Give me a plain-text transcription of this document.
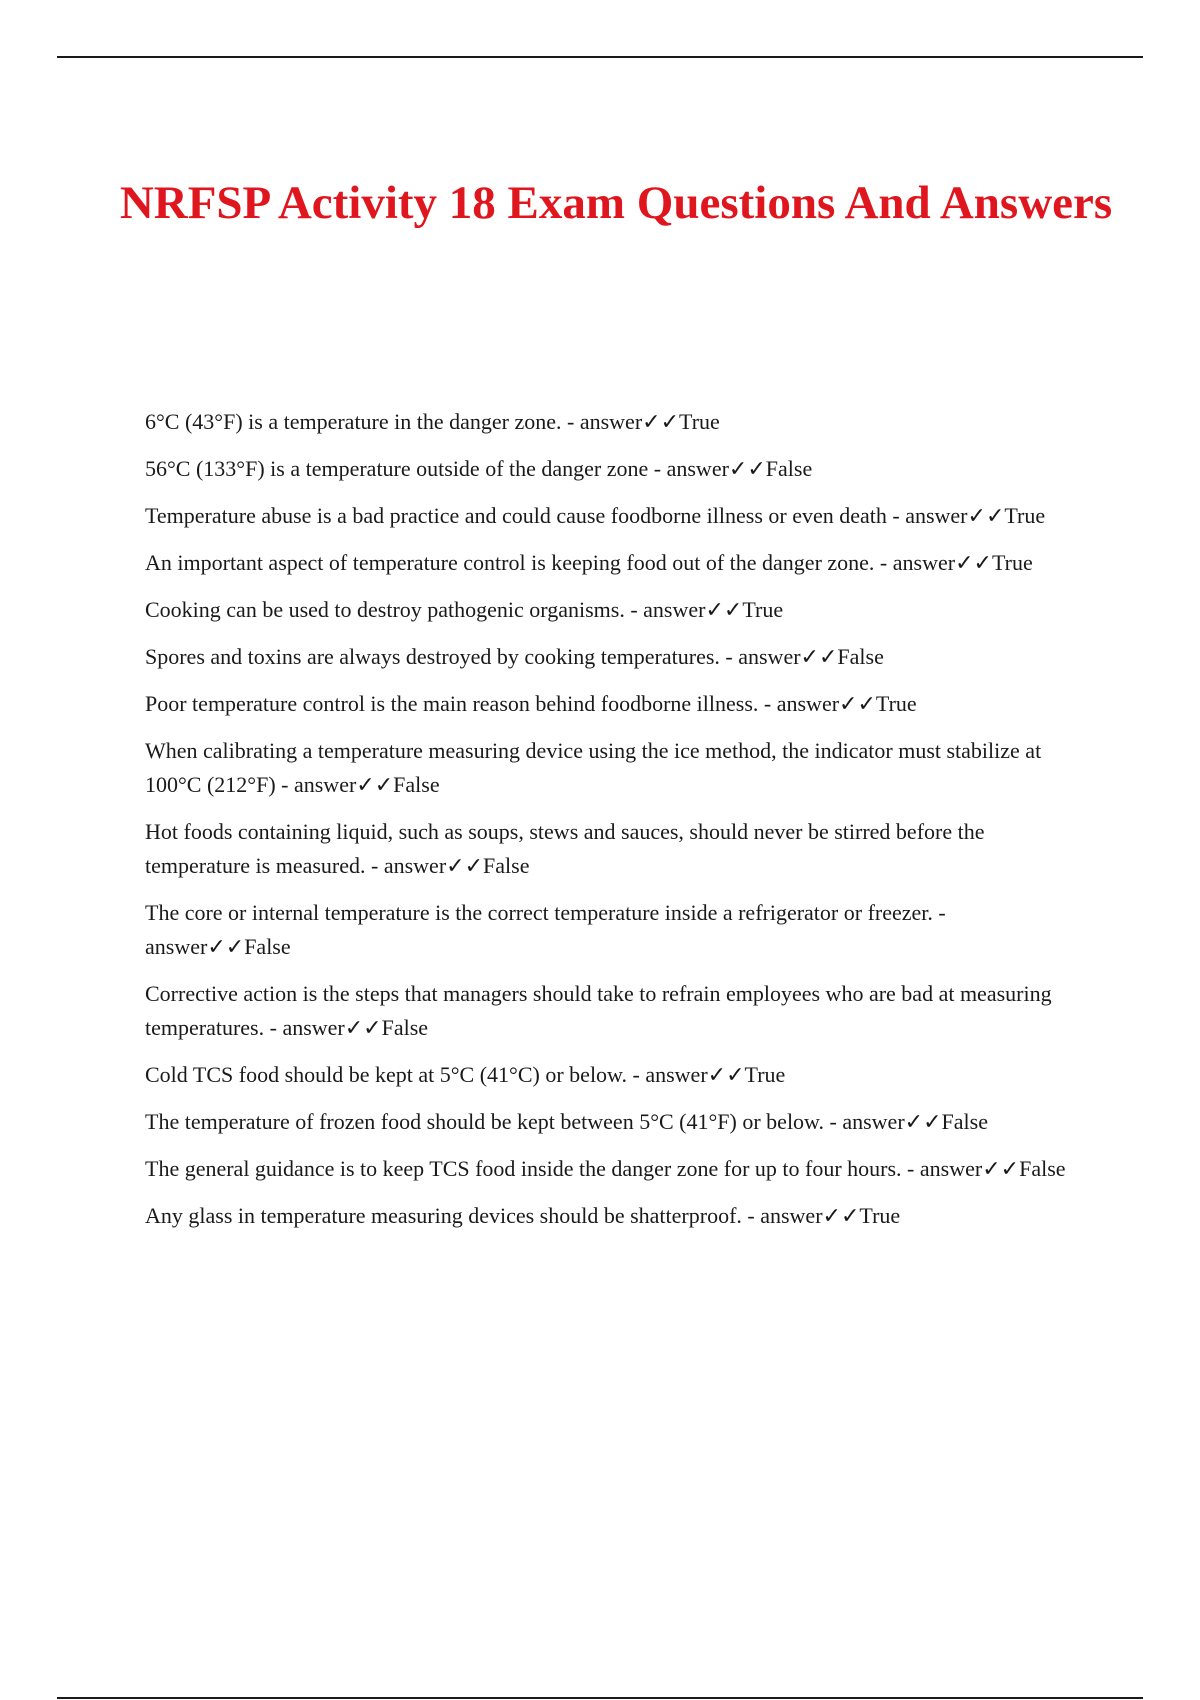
NRFSP Activity 18 Exam Questions And Answers
6°C (43°F) is a temperature in the danger zone. - answer✓✓True
56°C (133°F) is a temperature outside of the danger zone - answer✓✓False
Temperature abuse is a bad practice and could cause foodborne illness or even death - answer✓✓True
An important aspect of temperature control is keeping food out of the danger zone. - answer✓✓True
Cooking can be used to destroy pathogenic organisms. - answer✓✓True
Spores and toxins are always destroyed by cooking temperatures. - answer✓✓False
Poor temperature control is the main reason behind foodborne illness. - answer✓✓True
When calibrating a temperature measuring device using the ice method, the indicator must stabilize at 100°C (212°F) - answer✓✓False
Hot foods containing liquid, such as soups, stews and sauces, should never be stirred before the temperature is measured. - answer✓✓False
The core or internal temperature is the correct temperature inside a refrigerator or freezer. - answer✓✓False
Corrective action is the steps that managers should take to refrain employees who are bad at measuring temperatures. - answer✓✓False
Cold TCS food should be kept at 5°C (41°C) or below. - answer✓✓True
The temperature of frozen food should be kept between 5°C (41°F) or below. - answer✓✓False
The general guidance is to keep TCS food inside the danger zone for up to four hours. - answer✓✓False
Any glass in temperature measuring devices should be shatterproof. - answer✓✓True
